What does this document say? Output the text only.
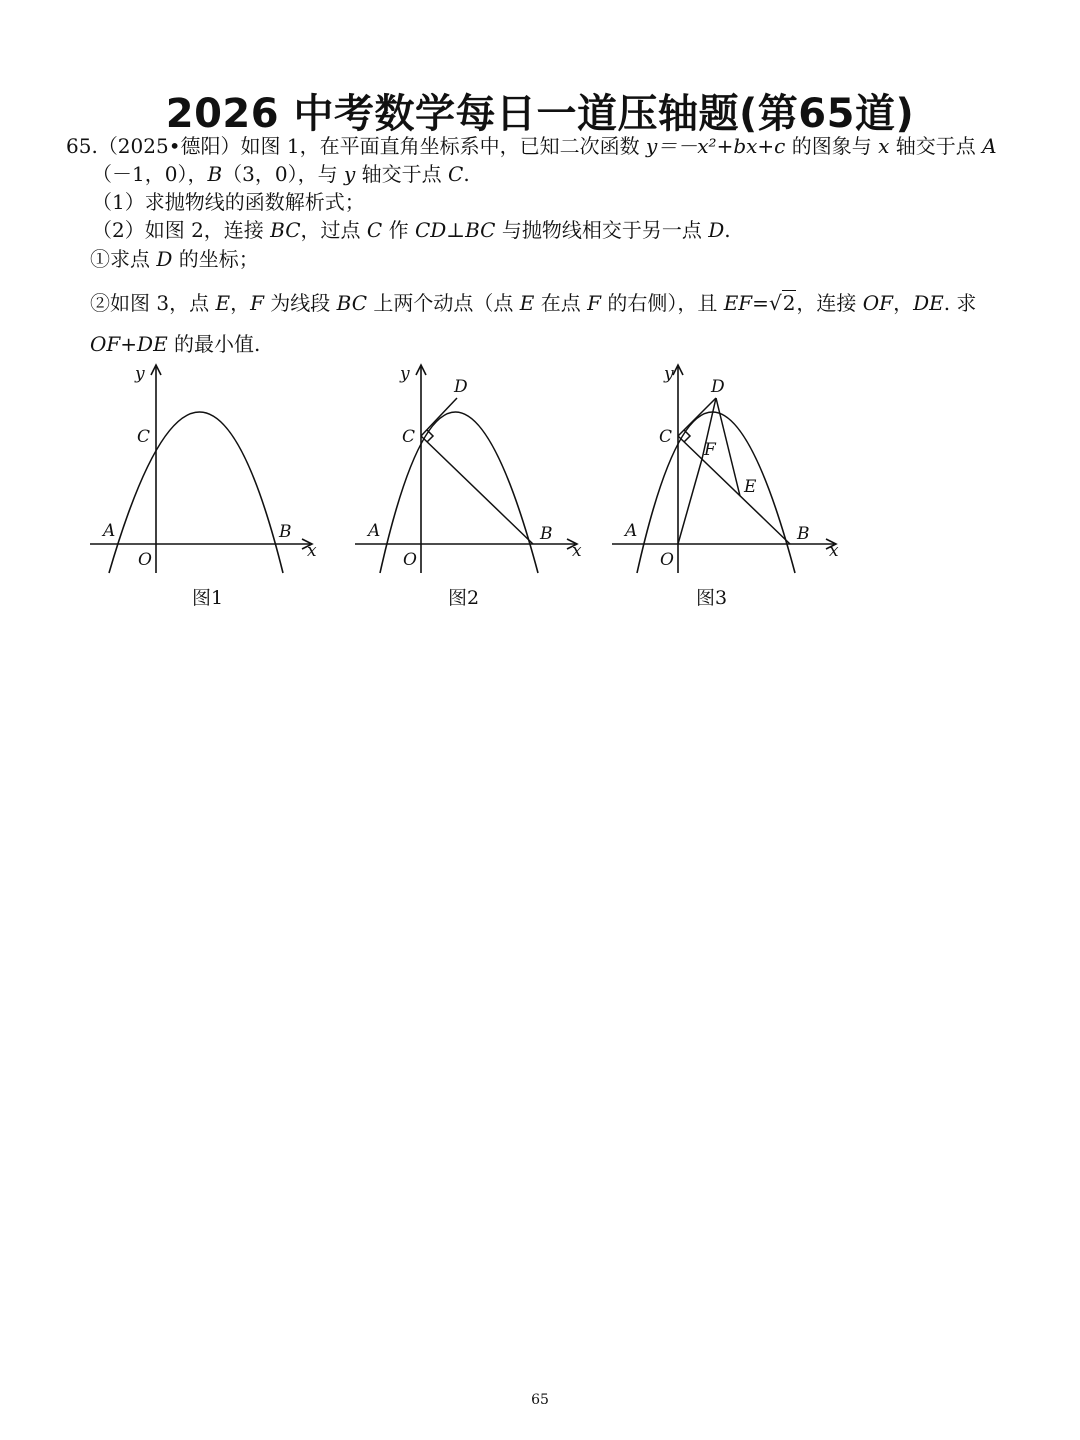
2026 中考数学每日一道压轴题(第65道)
65.（2025•德阳）如图 1，在平面直角坐标系中，已知二次函数 y＝－x²+bx+c 的图象与 x 轴交于点 A
（－1，0），B（3，0），与 y 轴交于点 C.
（1）求抛物线的函数解析式；
（2）如图 2，连接 BC，过点 C 作 CD⊥BC 与抛物线相交于另一点 D.
①求点 D 的坐标；
②如图 3，点 E，F 为线段 BC 上两个动点（点 E 在点 F 的右侧），且 EF=√2，连接 OF，DE. 求
OF+DE 的最小值.
y
x
C
A	B
O
图1
y
x
D
C
A	B
O
图2
y
x
D
C
F
E
A	B
O
图3
65
